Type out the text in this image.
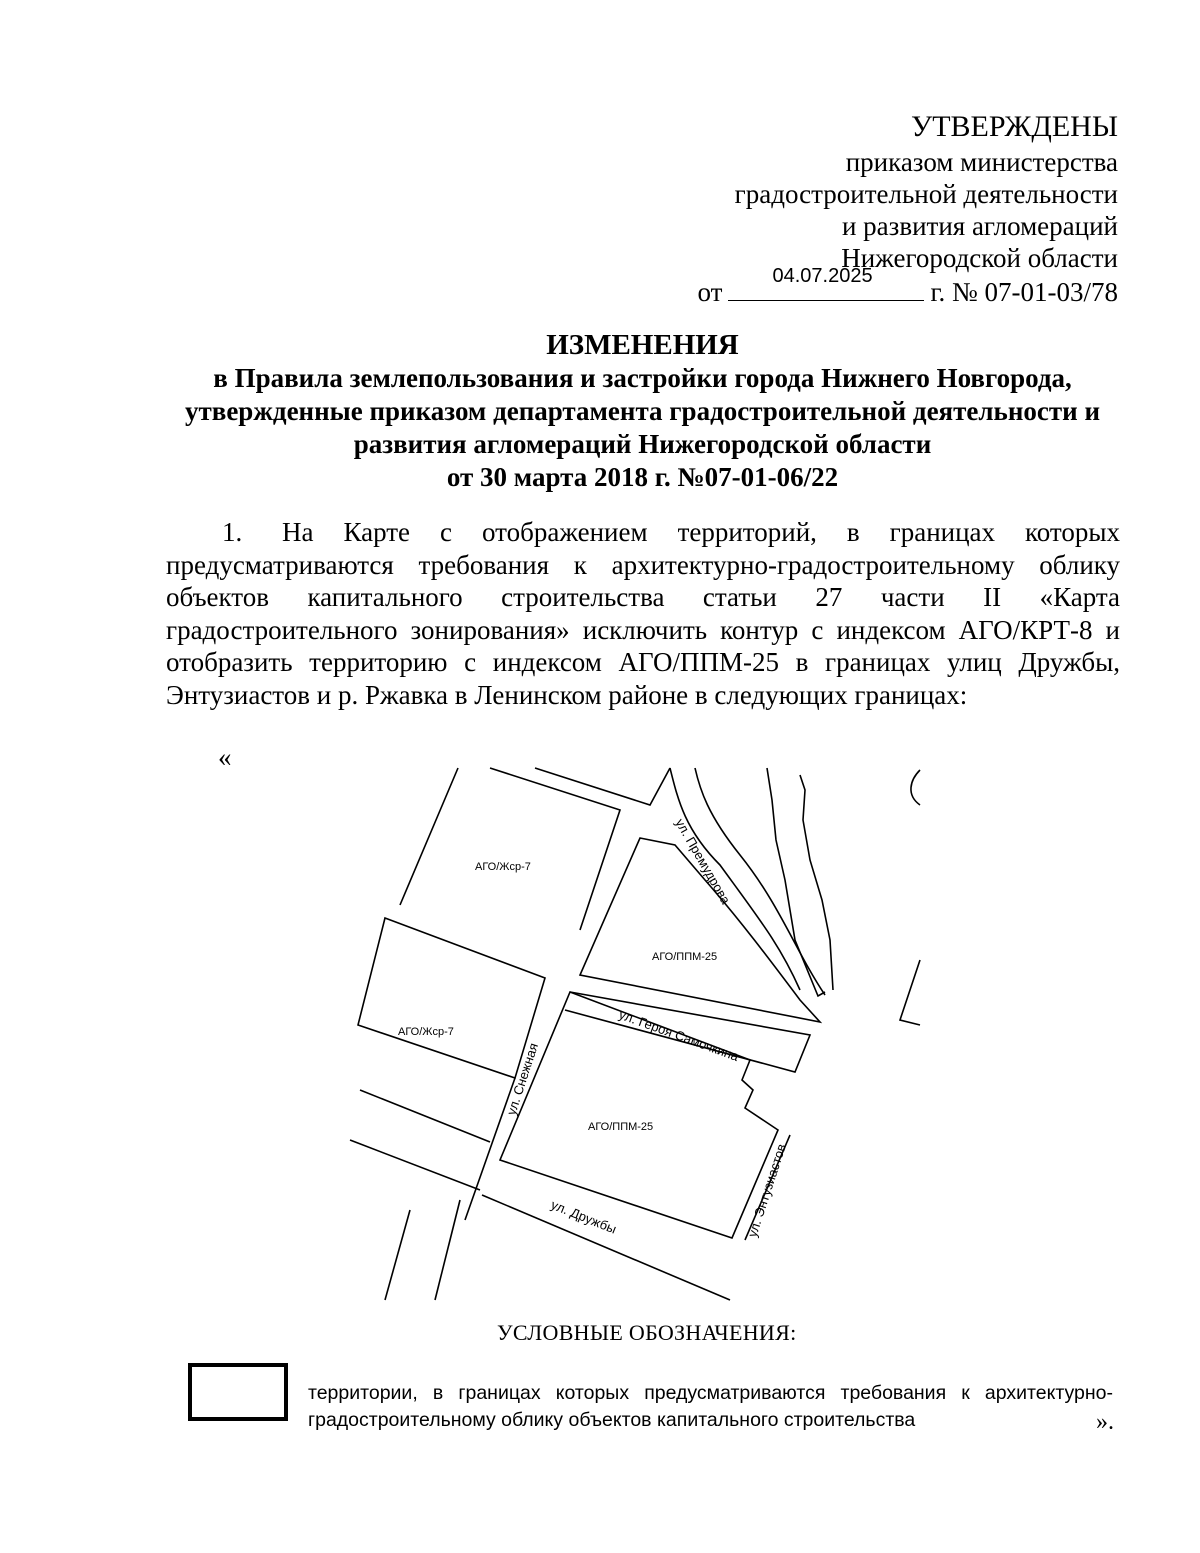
УТВЕРЖДЕНЫ
приказом министерства
градостроительной деятельности
и развития агломераций
Нижегородской области
от
04.07.2025
г. № 07-01-03/78
ИЗМЕНЕНИЯ
в Правила землепользования и застройки города Нижнего Новгорода,
утвержденные приказом департамента градостроительной деятельности и
развития агломераций Нижегородской области
от 30 марта 2018 г. №07-01-06/22
1. На Карте с отображением территорий, в границах которых предусматриваются требования к архитектурно-градостроительному облику объектов капитального строительства статьи 27 части II «Карта градостроительного зонирования» исключить контур с индексом АГО/КРТ-8 и отобразить территорию с индексом АГО/ППМ-25 в границах улиц Дружбы, Энтузиастов и р. Ржавка в Ленинском районе в следующих границах:
«
АГО/Жср-7
АГО/ППМ-25
АГО/Жср-7
АГО/ППМ-25
ул. Премудрова
ул. Героя Самочкина
ул. Снежная
ул. Дружбы	ул. Энтузиастов
УСЛОВНЫЕ ОБОЗНАЧЕНИЯ:
территории, в границах которых предусматриваются требования к архитектурно-градостроительному облику объектов капитального строительства	».
